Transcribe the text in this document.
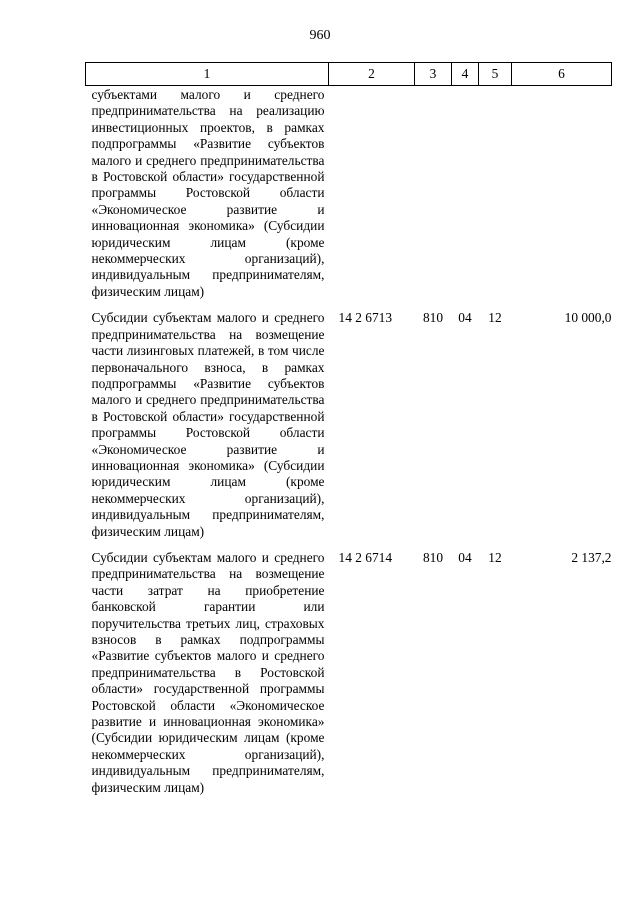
960
1	2	3	4	5	6
субъектами малого и среднего предпринимательства на реализацию инвестиционных проектов, в рамках подпрограммы «Развитие субъектов малого и среднего предпринимательства в Ростовской области» государственной программы Ростовской области «Экономическое развитие и инновационная экономика» (Субсидии юридическим лицам (кроме некоммерческих организаций), индивидуальным предпринимателям, физическим лицам)					
Субсидии субъектам малого и среднего предпринимательства на возмещение части лизинговых платежей, в том числе первоначального взноса, в рамках подпрограммы «Развитие субъектов малого и среднего предпринимательства в Ростовской области» государственной программы Ростовской области «Экономическое развитие и инновационная экономика» (Субсидии юридическим лицам (кроме некоммерческих организаций), индивидуальным предпринимателям, физическим лицам)	14 2 6713	810	04	12	10 000,0
Субсидии субъектам малого и среднего предпринимательства на возмещение части затрат на приобретение банковской гарантии или поручительства третьих лиц, страховых взносов в рамках подпрограммы «Развитие субъектов малого и среднего предпринимательства в Ростовской области» государственной программы Ростовской области «Экономическое развитие и инновационная экономика» (Субсидии юридическим лицам (кроме некоммерческих организаций), индивидуальным предпринимателям, физическим лицам)	14 2 6714	810	04	12	2 137,2
